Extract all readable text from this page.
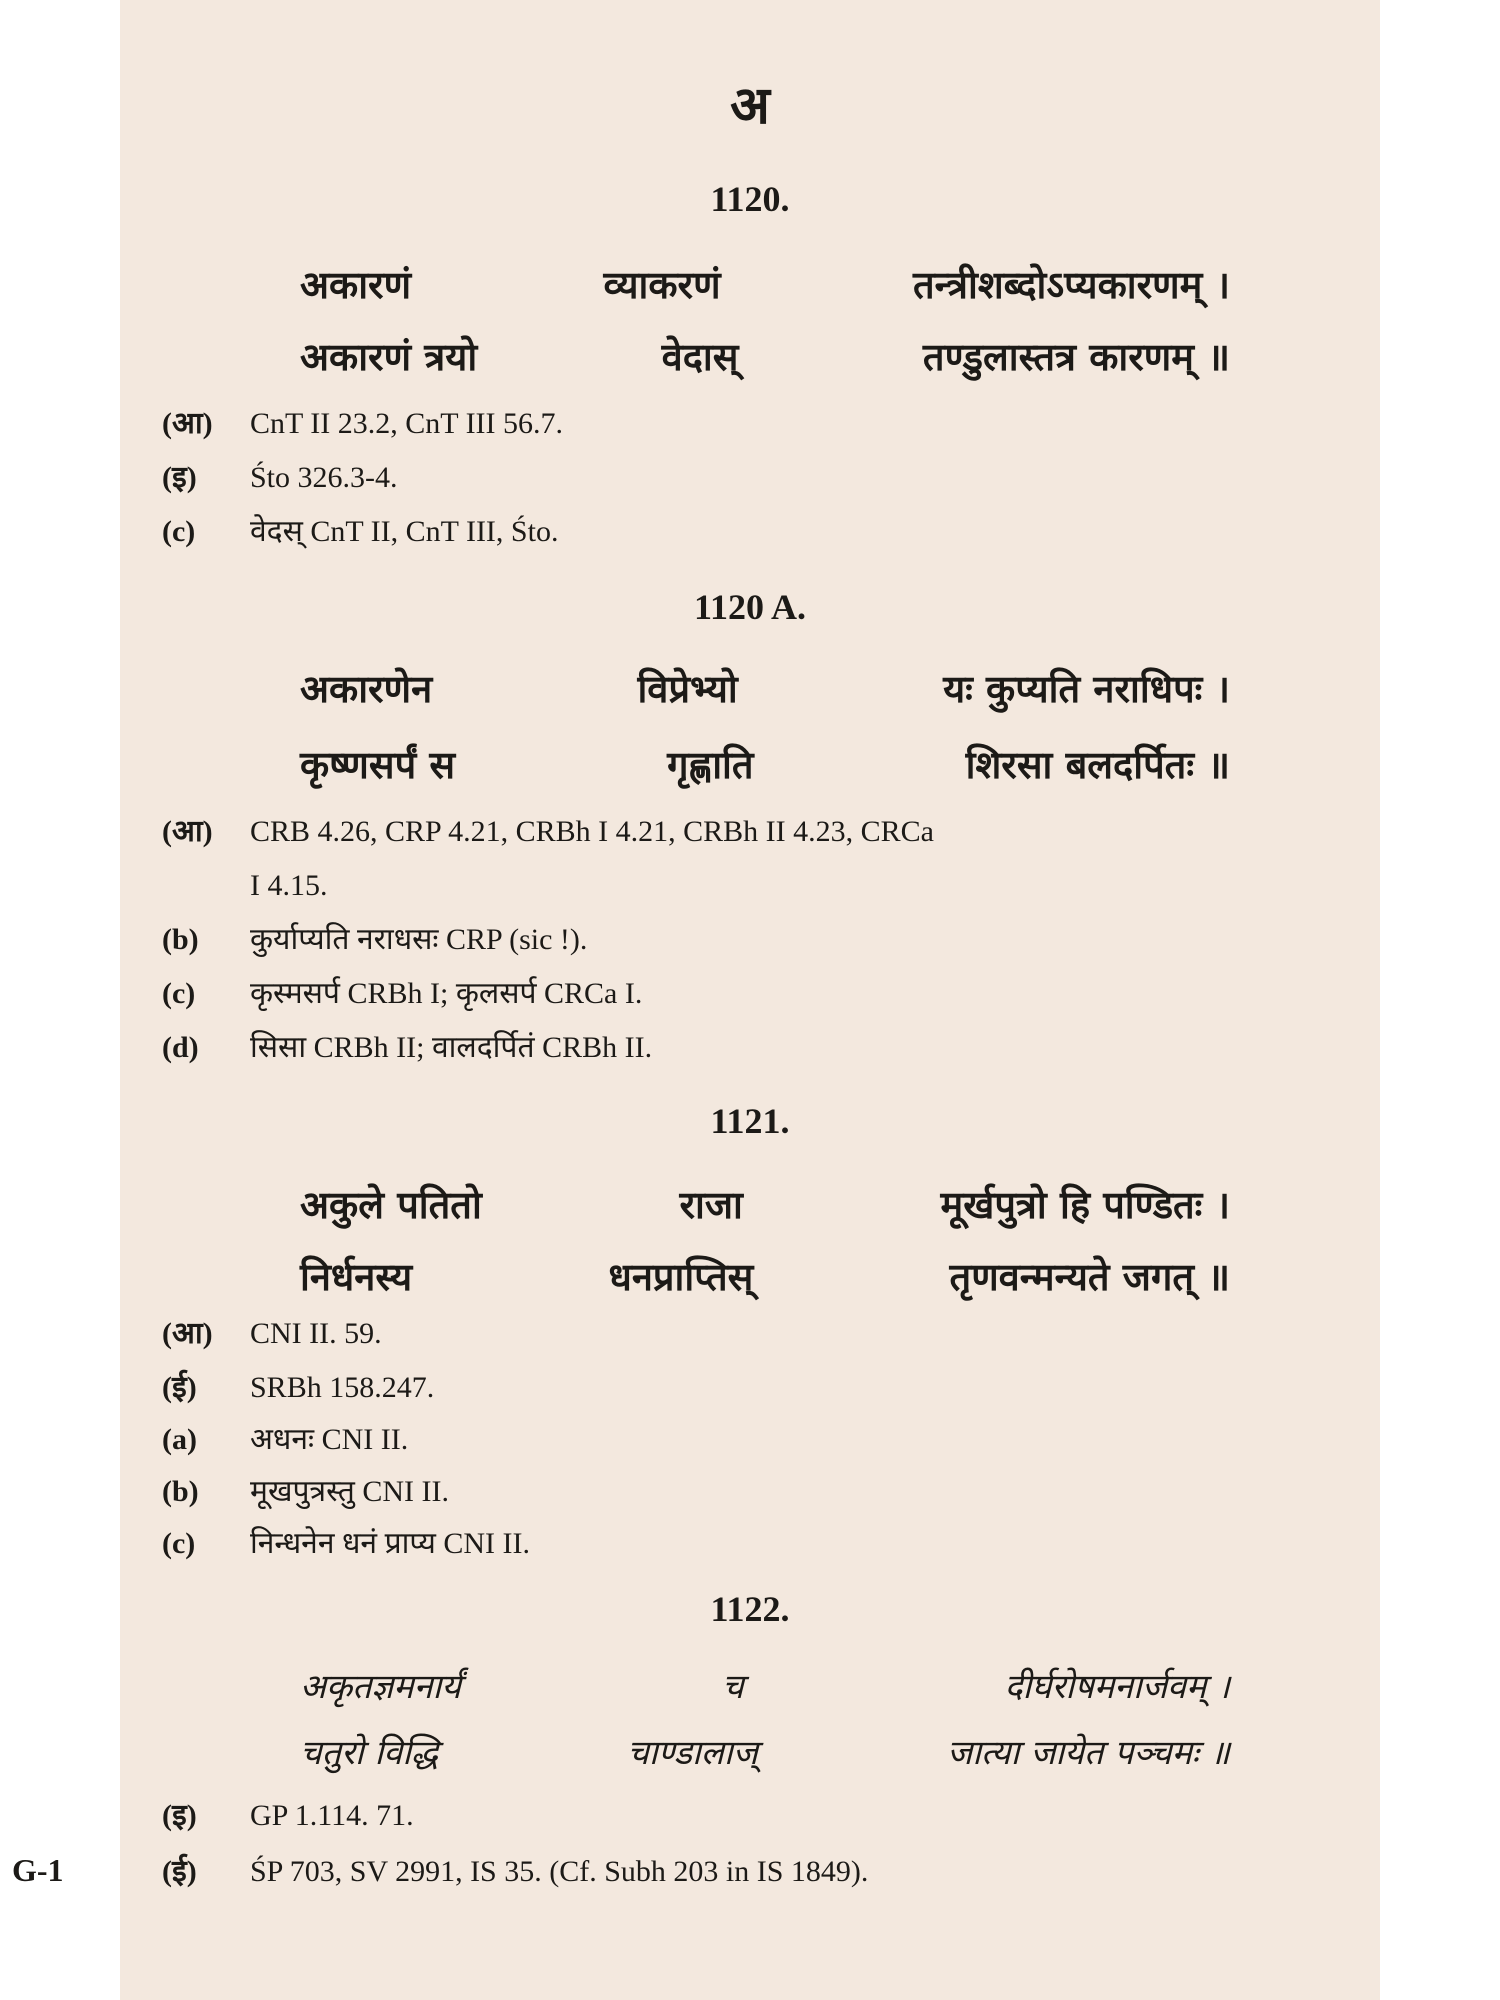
अ
1120.
अकारणं	व्याकरणं	तन्त्रीशब्दोऽप्यकारणम् ।
अकारणं त्रयो	वेदास्	तण्डुलास्तत्र कारणम् ॥
(आ) CnT II 23.2, CnT III 56.7.
(इ) Śto 326.3-4.
(c) वेदस् CnT II, CnT III, Śto.
1120 A.
अकारणेन	विप्रेभ्यो	यः कुप्यति नराधिपः ।
कृष्णसर्पं स	गृह्णाति	शिरसा बलदर्पितः ॥
(आ) CRB 4.26, CRP 4.21, CRBh I 4.21, CRBh II 4.23, CRCa
I 4.15.
(b) कुर्याप्यति नराधसः CRP (sic !).
(c) कृस्मसर्प CRBh I; कृलसर्प CRCa I.
(d) सिसा CRBh II; वालदर्पितं CRBh II.
1121.
अकुले पतितो	राजा	मूर्खपुत्रो हि पण्डितः ।
निर्धनस्य	धनप्राप्तिस्	तृणवन्मन्यते जगत् ॥
(आ) CNI II. 59.
(ई) SRBh 158.247.
(a) अधनः CNI II.
(b) मूखपुत्रस्तु CNI II.
(c) निन्धनेन धनं प्राप्य CNI II.
1122.
अकृतज्ञमनार्यं	च	दीर्घरोषमनार्जवम् ।
चतुरो विद्धि	चाण्डालाज्	जात्या जायेत पञ्चमः ॥
(इ) GP 1.114. 71.
(ई) ŚP 703, SV 2991, IS 35. (Cf. Subh 203 in IS 1849).
G-1
